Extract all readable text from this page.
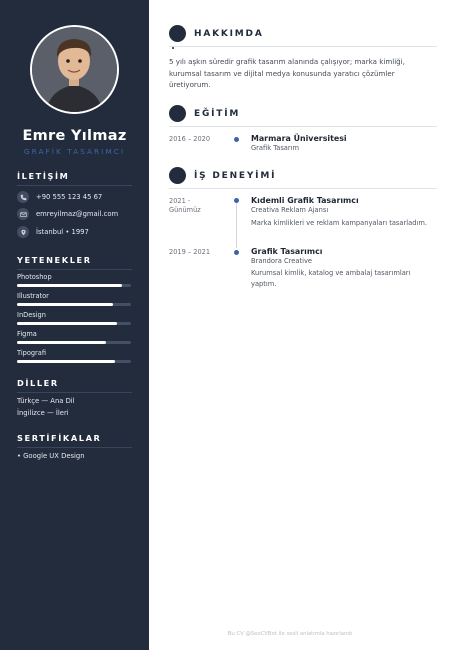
Emre Yılmaz
GRAFİK TASARIMCI
İLETİŞİM
+90 555 123 45 67
emreyilmaz@gmail.com
İstanbul • 1997
YETENEKLER
Photoshop
Illustrator
InDesign
Figma
Tipografi
DİLLER
Türkçe — Ana Dil
İngilizce — İleri
SERTİFİKALAR
• Google UX Design
HAKKIMDA
5 yılı aşkın süredir grafik tasarım alanında çalışıyor; marka kimliği, kurumsal tasarım ve dijital medya konusunda yaratıcı çözümler üretiyorum.
EĞİTİM
2016 – 2020	Marmara Üniversitesi
Grafik Tasarım
İŞ DENEYİMİ
2021 -
Günümüz
Kıdemli Grafik Tasarımcı
Creativa Reklam Ajansı
Marka kimlikleri ve reklam kampanyaları tasarladım.
2019 – 2021	Grafik Tasarımcı
Brandora Creative
Kurumsal kimlik, katalog ve ambalaj tasarımları yaptım.
Bu CV @SeoCVBot ile sesli anlatımla hazırlandı
